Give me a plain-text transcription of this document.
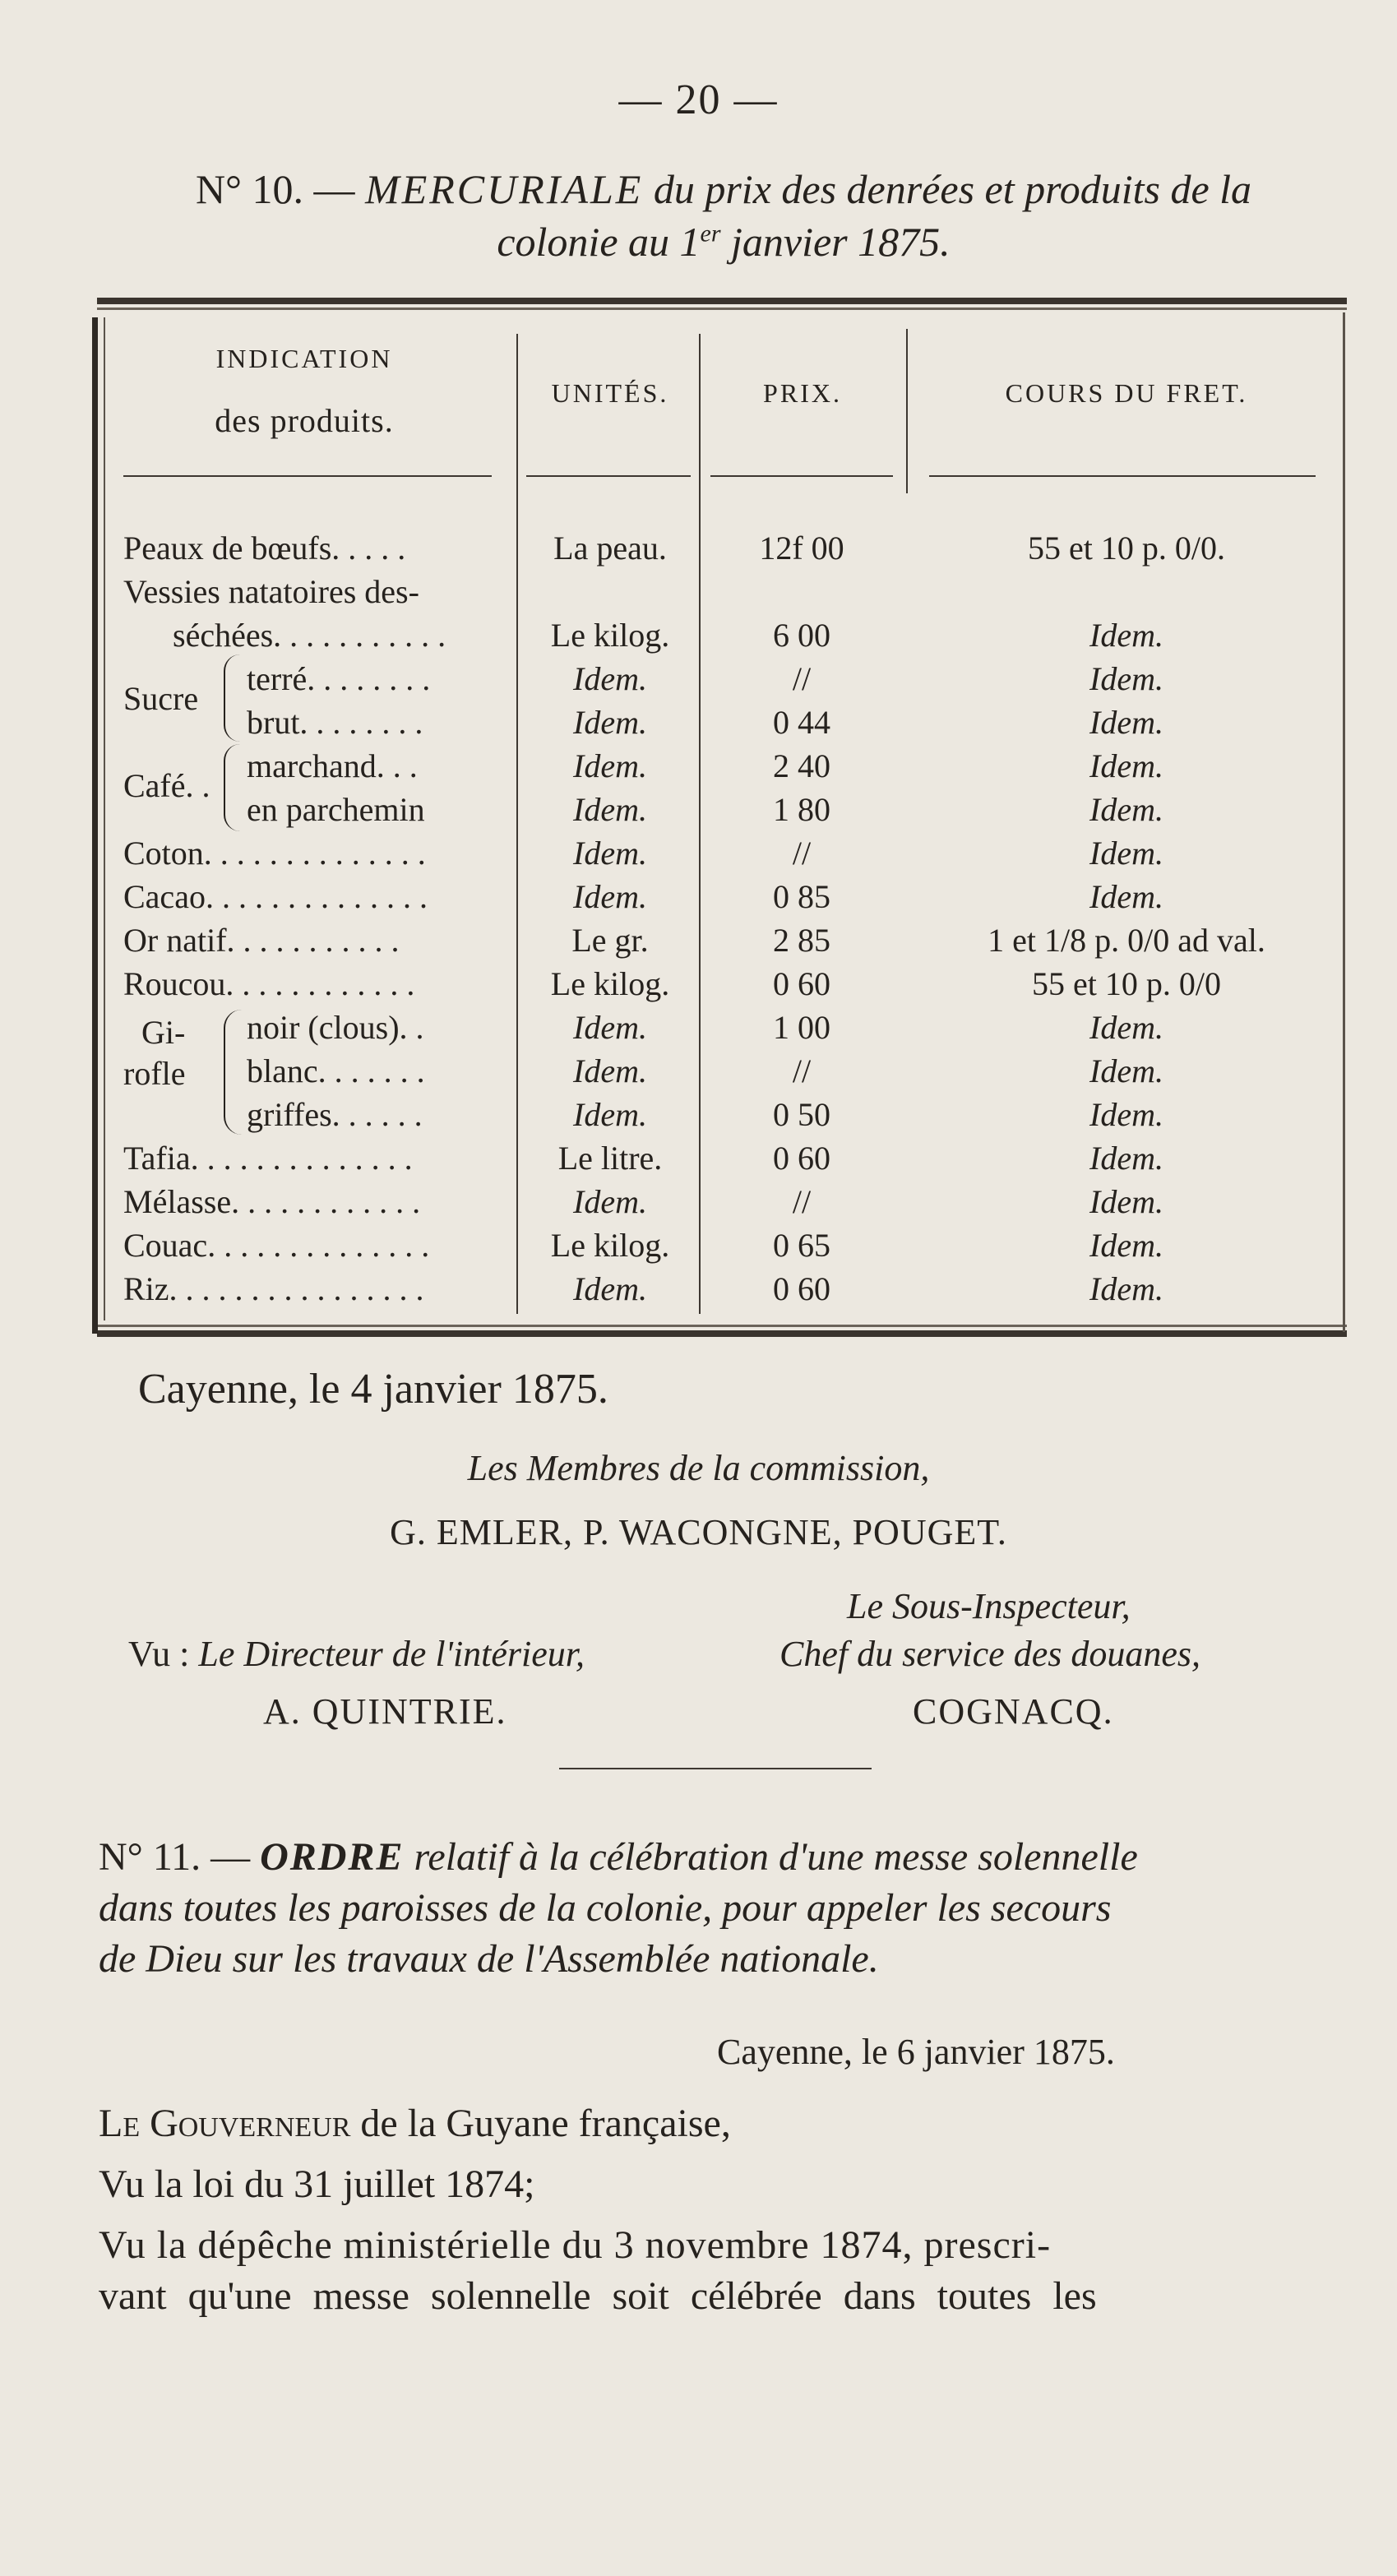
— 20 —
N° 10. — MERCURIALE du prix des denrées et produits de la
colonie au 1er janvier 1875.
INDICATION
des produits.
UNITÉS.	PRIX.	COURS DU FRET.
Peaux de bœufs. . . . .	La peau.	12f 00	55 et 10 p. 0/0.
Vessies natatoires des-
séchées. . . . . . . . . . .	Le kilog.	6 00	Idem.
Sucre
terré. . . . . . . .	Idem.	//	Idem.
brut. . . . . . . .	Idem.	0 44	Idem.
Café. .
marchand. . .	Idem.	2 40	Idem.
en parchemin	Idem.	1 80	Idem.
Coton. . . . . . . . . . . . . .	Idem.	//	Idem.
Cacao. . . . . . . . . . . . . .	Idem.	0 85	Idem.
Or natif. . . . . . . . . . .	Le gr.	2 85	1 et 1/8 p. 0/0 ad val.
Roucou. . . . . . . . . . . .	Le kilog.	0 60	55 et 10 p. 0/0
Gi-
rofle
noir (clous). .	Idem.	1 00	Idem.
blanc. . . . . . .	Idem.	//	Idem.
griffes. . . . . .	Idem.	0 50	Idem.
Tafia. . . . . . . . . . . . . .	Le litre.	0 60	Idem.
Mélasse. . . . . . . . . . . .	Idem.	//	Idem.
Couac. . . . . . . . . . . . . .	Le kilog.	0 65	Idem.
Riz. . . . . . . . . . . . . . . .	Idem.	0 60	Idem.
Cayenne, le 4 janvier 1875.
Les Membres de la commission,
G. EMLER, P. WACONGNE, POUGET.
Le Sous-Inspecteur,
Vu : Le Directeur de l'intérieur,	Chef du service des douanes,
A. QUINTRIE.	COGNACQ.
N° 11. — ORDRE relatif à la célébration d'une messe solennelle
dans toutes les paroisses de la colonie, pour appeler les secours
de Dieu sur les travaux de l'Assemblée nationale.
Cayenne, le 6 janvier 1875.
Le Gouverneur de la Guyane française,
Vu la loi du 31 juillet 1874;
Vu la dépêche ministérielle du 3 novembre 1874, prescri-
vant qu'une messe solennelle soit célébrée dans toutes les
